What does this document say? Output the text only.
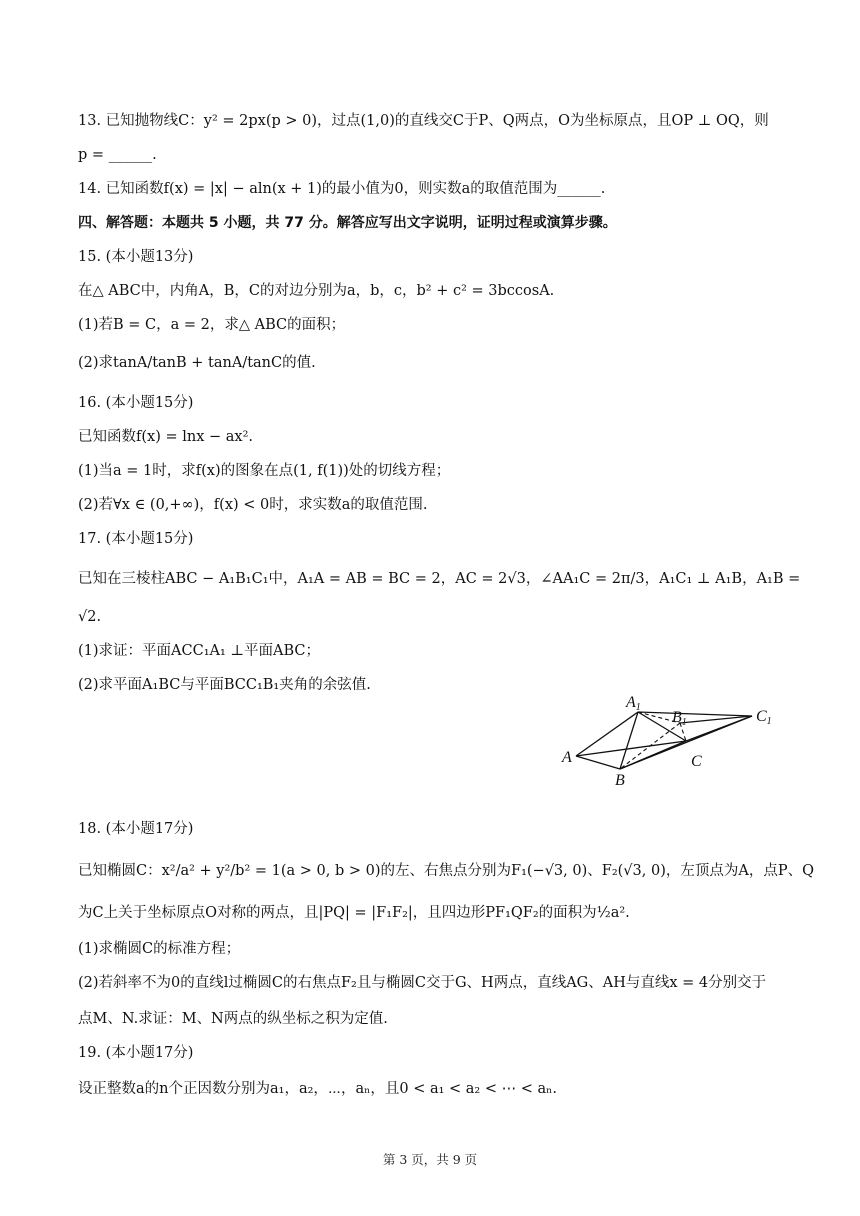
13. 已知抛物线C：y² = 2px(p > 0)，过点(1,0)的直线交C于P、Q两点，O为坐标原点，且OP ⊥ OQ，则
p = ______.
14. 已知函数f(x) = |x| − aln(x + 1)的最小值为0，则实数a的取值范围为______.
四、解答题：本题共 5 小题，共 77 分。解答应写出文字说明，证明过程或演算步骤。
15. (本小题13分)
在△ ABC中，内角A，B，C的对边分别为a，b，c，b² + c² = 3bccosA.
(1)若B = C，a = 2，求△ ABC的面积；
(2)求tanA/tanB + tanA/tanC的值.
16. (本小题15分)
已知函数f(x) = lnx − ax².
(1)当a = 1时，求f(x)的图象在点(1, f(1))处的切线方程；
(2)若∀x ∈ (0,+∞)，f(x) < 0时，求实数a的取值范围.
17. (本小题15分)
已知在三棱柱ABC − A₁B₁C₁中，A₁A = AB = BC = 2，AC = 2√3，∠AA₁C = 2π/3，A₁C₁ ⊥ A₁B，A₁B =
√2.
(1)求证：平面ACC₁A₁ ⊥平面ABC；
(2)求平面A₁BC与平面BCC₁B₁夹角的余弦值.
A1
B1	C1
A
B
C
18. (本小题17分)
已知椭圆C：x²/a² + y²/b² = 1(a > 0, b > 0)的左、右焦点分别为F₁(−√3, 0)、F₂(√3, 0)，左顶点为A，点P、Q
为C上关于坐标原点O对称的两点，且|PQ| = |F₁F₂|，且四边形PF₁QF₂的面积为½a².
(1)求椭圆C的标准方程；
(2)若斜率不为0的直线l过椭圆C的右焦点F₂且与椭圆C交于G、H两点，直线AG、AH与直线x = 4分别交于
点M、N.求证：M、N两点的纵坐标之积为定值.
19. (本小题17分)
设正整数a的n个正因数分别为a₁，a₂，⋯，aₙ，且0 < a₁ < a₂ < ⋯ < aₙ.
第 3 页，共 9 页
